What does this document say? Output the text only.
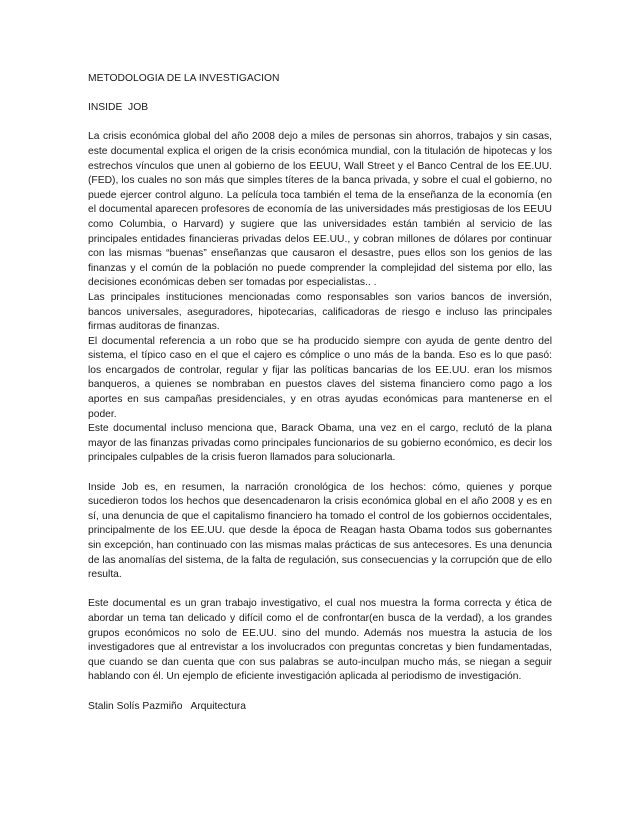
METODOLOGIA DE LA INVESTIGACION

INSIDE  JOB

La crisis económica global del año 2008 dejo a miles de personas sin ahorros, trabajos y sin casas, este documental explica el origen de la crisis económica mundial, con la titulación de hipotecas y los estrechos vínculos que unen al gobierno de los EEUU, Wall Street y el Banco Central de los EE.UU. (FED), los cuales no son más que simples títeres de la banca privada, y sobre el cual el gobierno, no puede ejercer control alguno. La película toca también el tema de la enseñanza de la economía (en el documental aparecen profesores de economía de las universidades más prestigiosas de los EEUU como Columbia, o Harvard) y sugiere que las universidades están también al servicio de las principales entidades financieras privadas delos EE.UU., y cobran millones de dólares por continuar con las mismas “buenas” enseñanzas que causaron el desastre, pues ellos son los genios de las finanzas y el común de la población no puede comprender la complejidad del sistema por ello, las decisiones económicas deben ser tomadas por especialistas.. .

Las principales instituciones mencionadas como responsables son varios bancos de inversión, bancos universales, aseguradores, hipotecarias, calificadoras de riesgo e incluso las principales firmas auditoras de finanzas.

El documental referencia a un robo que se ha producido siempre con ayuda de gente dentro del sistema, el típico caso en el que el cajero es cómplice o uno más de la banda. Eso es lo que pasó: los encargados de controlar, regular y fijar las políticas bancarias de los EE.UU. eran los mismos banqueros, a quienes se nombraban en puestos claves del sistema financiero como pago a los aportes en sus campañas presidenciales, y en otras ayudas económicas para mantenerse en el poder.

Este documental incluso menciona que, Barack Obama, una vez en el cargo, reclutó de la plana mayor de las finanzas privadas como principales funcionarios de su gobierno económico, es decir los principales culpables de la crisis fueron llamados para solucionarla.

Inside Job es, en resumen, la narración cronológica de los hechos: cómo, quienes y porque sucedieron todos los hechos que desencadenaron la crisis económica global en el año 2008 y es en sí, una denuncia de que el capitalismo financiero ha tomado el control de los gobiernos occidentales, principalmente de los EE.UU. que desde la época de Reagan hasta Obama todos sus gobernantes sin excepción, han continuado con las mismas malas prácticas de sus antecesores. Es una denuncia de las anomalías del sistema, de la falta de regulación, sus consecuencias y la corrupción que de ello resulta.

Este documental es un gran trabajo investigativo, el cual nos muestra la forma correcta y ética de abordar un tema tan delicado y difícil como el de confrontar(en busca de la verdad), a los grandes grupos económicos no solo de EE.UU. sino del mundo. Además nos muestra la astucia de los investigadores que al entrevistar a los involucrados con preguntas concretas y bien fundamentadas, que cuando se dan cuenta que con sus palabras se auto-inculpan mucho más, se niegan a seguir hablando con él. Un ejemplo de eficiente investigación aplicada al periodismo de investigación.

Stalin Solís Pazmiño   Arquitectura
